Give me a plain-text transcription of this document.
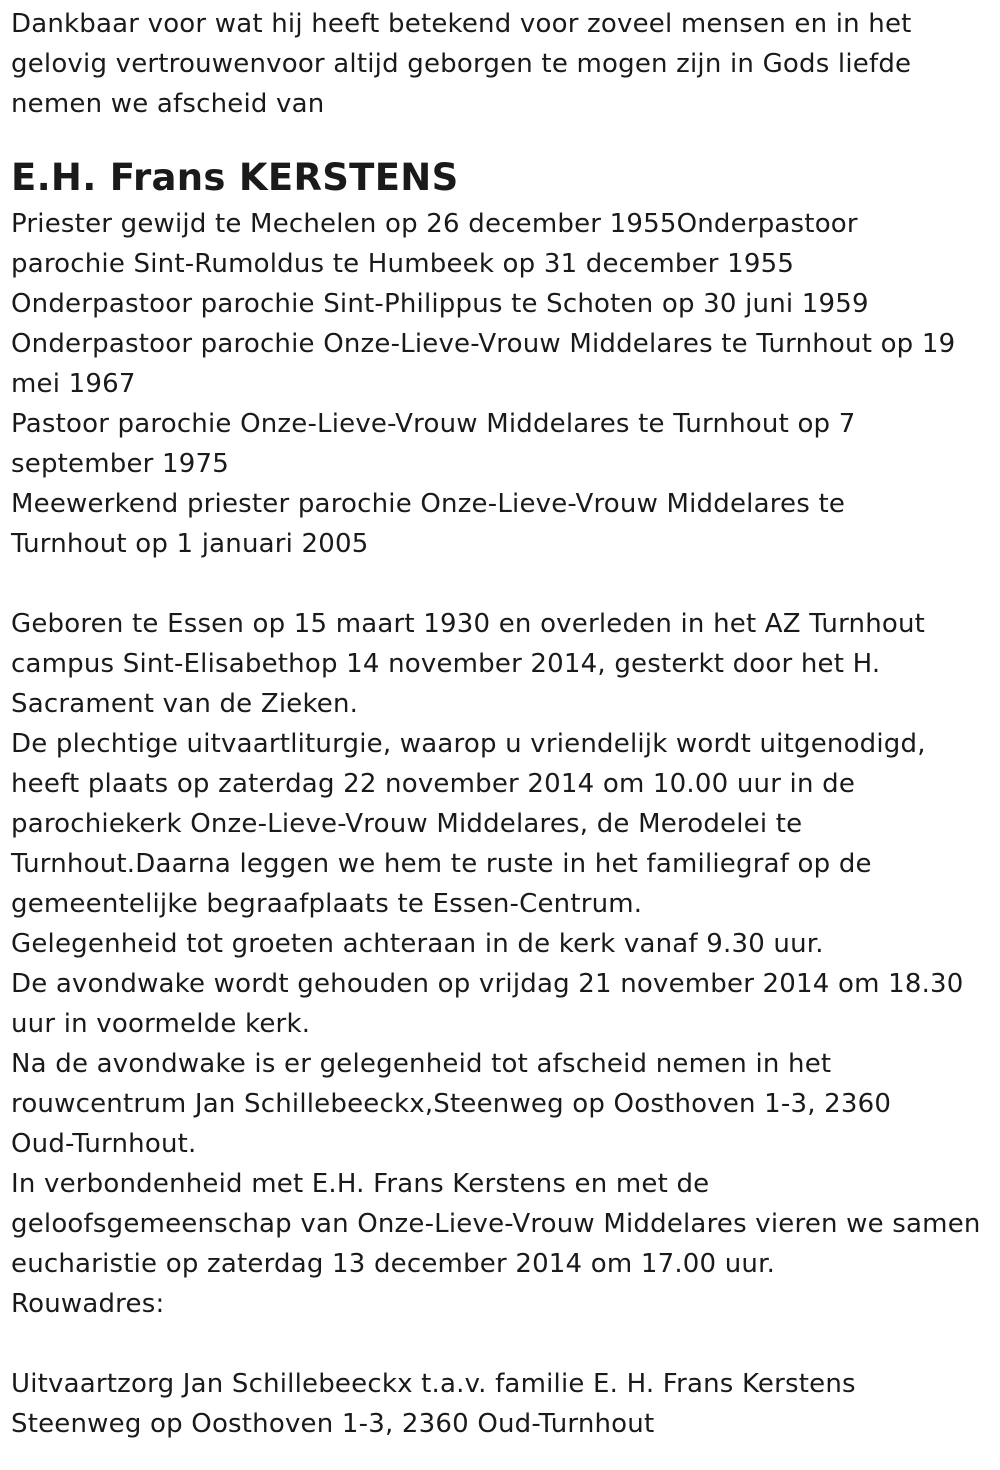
Dankbaar voor wat hij heeft betekend voor zoveel mensen en in het
gelovig vertrouwenvoor altijd geborgen te mogen zijn in Gods liefde
nemen we afscheid van
E.H. Frans KERSTENS
Priester gewijd te Mechelen op 26 december 1955Onderpastoor
parochie Sint-Rumoldus te Humbeek op 31 december 1955
Onderpastoor parochie Sint-Philippus te Schoten op 30 juni 1959
Onderpastoor parochie Onze-Lieve-Vrouw Middelares te Turnhout op 19
mei 1967
Pastoor parochie Onze-Lieve-Vrouw Middelares te Turnhout op 7
september 1975
Meewerkend priester parochie Onze-Lieve-Vrouw Middelares te
Turnhout op 1 januari 2005
Geboren te Essen op 15 maart 1930 en overleden in het AZ Turnhout
campus Sint-Elisabethop 14 november 2014, gesterkt door het H.
Sacrament van de Zieken.
De plechtige uitvaartliturgie, waarop u vriendelijk wordt uitgenodigd,
heeft plaats op zaterdag 22 november 2014 om 10.00 uur in de
parochiekerk Onze-Lieve-Vrouw Middelares, de Merodelei te
Turnhout.Daarna leggen we hem te ruste in het familiegraf op de
gemeentelijke begraafplaats te Essen-Centrum.
Gelegenheid tot groeten achteraan in de kerk vanaf 9.30 uur.
De avondwake wordt gehouden op vrijdag 21 november 2014 om 18.30
uur in voormelde kerk.
Na de avondwake is er gelegenheid tot afscheid nemen in het
rouwcentrum Jan Schillebeeckx,Steenweg op Oosthoven 1-3, 2360
Oud-Turnhout.
In verbondenheid met E.H. Frans Kerstens en met de
geloofsgemeenschap van Onze-Lieve-Vrouw Middelares vieren we samen
eucharistie op zaterdag 13 december 2014 om 17.00 uur.
Rouwadres:
Uitvaartzorg Jan Schillebeeckx t.a.v. familie E. H. Frans Kerstens
Steenweg op Oosthoven 1-3, 2360 Oud-Turnhout
